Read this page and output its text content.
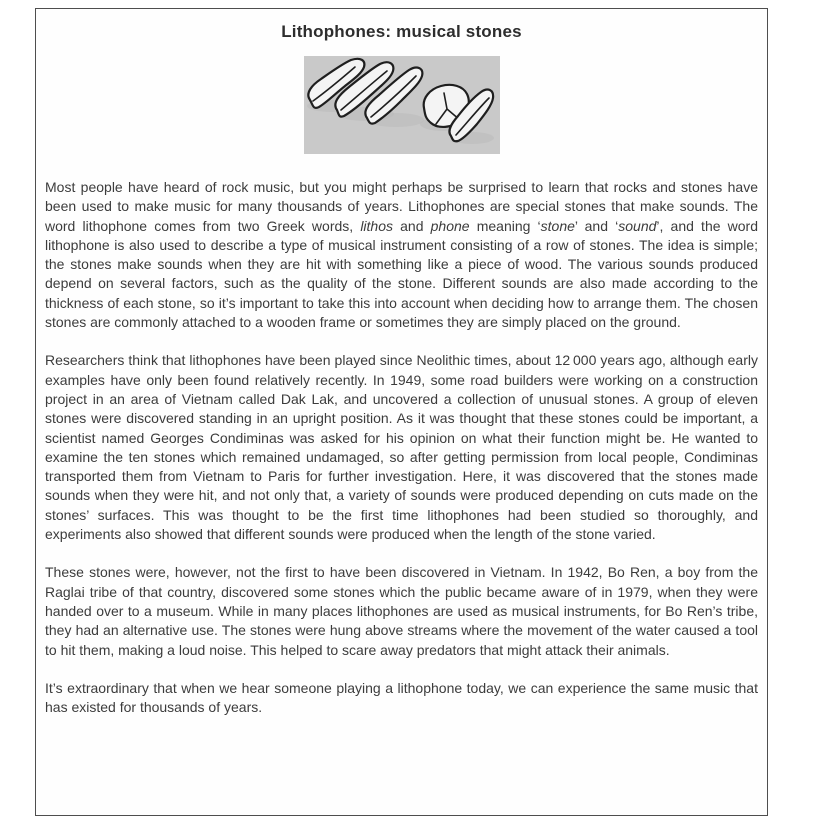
Lithophones: musical stones

Most people have heard of rock music, but you might perhaps be surprised to learn that rocks and stones have been used to make music for many thousands of years. Lithophones are special stones that make sounds. The word lithophone comes from two Greek words, lithos and phone meaning ‘stone’ and ‘sound’, and the word lithophone is also used to describe a type of musical instrument consisting of a row of stones. The idea is simple; the stones make sounds when they are hit with something like a piece of wood. The various sounds produced depend on several factors, such as the quality of the stone. Different sounds are also made according to the thickness of each stone, so it’s important to take this into account when deciding how to arrange them. The chosen stones are commonly attached to a wooden frame or sometimes they are simply placed on the ground.

Researchers think that lithophones have been played since Neolithic times, about 12 000 years ago, although early examples have only been found relatively recently. In 1949, some road builders were working on a construction project in an area of Vietnam called Dak Lak, and uncovered a collection of unusual stones. A group of eleven stones were discovered standing in an upright position. As it was thought that these stones could be important, a scientist named Georges Condiminas was asked for his opinion on what their function might be. He wanted to examine the ten stones which remained undamaged, so after getting permission from local people, Condiminas transported them from Vietnam to Paris for further investigation. Here, it was discovered that the stones made sounds when they were hit, and not only that, a variety of sounds were produced depending on cuts made on the stones’ surfaces. This was thought to be the first time lithophones had been studied so thoroughly, and experiments also showed that different sounds were produced when the length of the stone varied.

These stones were, however, not the first to have been discovered in Vietnam. In 1942, Bo Ren, a boy from the Raglai tribe of that country, discovered some stones which the public became aware of in 1979, when they were handed over to a museum. While in many places lithophones are used as musical instruments, for Bo Ren’s tribe, they had an alternative use. The stones were hung above streams where the movement of the water caused a tool to hit them, making a loud noise. This helped to scare away predators that might attack their animals.

It’s extraordinary that when we hear someone playing a lithophone today, we can experience the same music that has existed for thousands of years.
